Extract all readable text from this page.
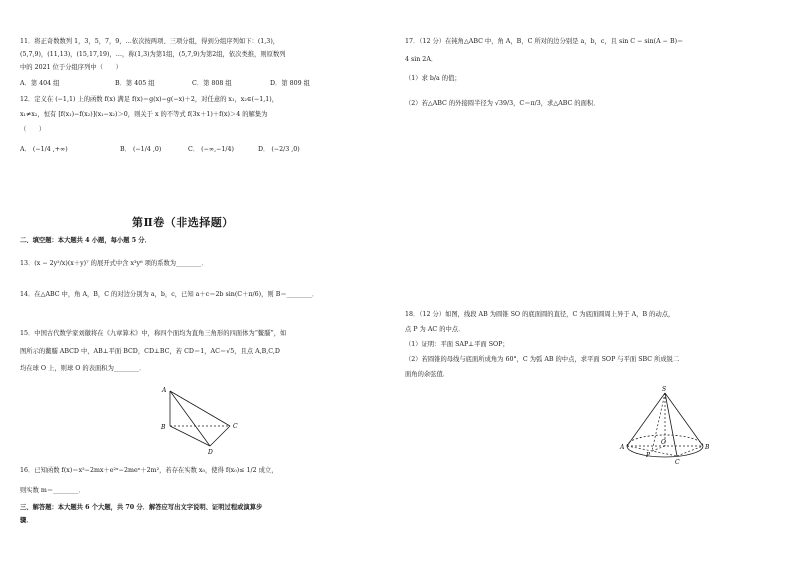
11．将正奇数数列 1，3，5，7，9，…依次按两项、三项分组，得到分组序列如下：(1,3)，
(5,7,9)，(11,13)，(15,17,19)，…，称(1,3)为第1组，(5,7,9)为第2组，依次类推，则原数列
中的 2021 位于分组序列中（　　）
A．第 404 组	B．第 405 组	C．第 808 组	D．第 809 组
12．定义在 (−1,1) 上的函数 f(x) 满足 f(x)＝g(x)−g(−x)＋2，对任意的 x₁，x₂∈(−1,1)，
x₁≠x₂，恒有 [f(x₁)−f(x₂)](x₁−x₂)＞0，则关于 x 的不等式 f(3x＋1)＋f(x)＞4 的解集为
（　　）
A． (−1/4 ,+∞)	B． (−1/4 ,0)	C． (−∞,−1/4)	D． (−2/3 ,0)
第Ⅱ卷（非选择题）
二、填空题：本大题共 4 小题，每小题 5 分．
13．(x − 2y²/x)(x＋y)⁷ 的展开式中含 x³y⁶ 项的系数为________．
14．在△ABC 中，角 A，B，C 的对边分别为 a，b，c，已知 a＋c＝2b sin(C＋π/6)，则 B＝________．
15．中国古代数学家刘徽将在《九章算术》中，称四个面均为直角三角形的四面体为“鳖臑”，如
图所示的鳖臑 ABCD 中，AB⊥平面 BCD，CD⊥BC，若 CD＝1，AC＝√5，且点 A,B,C,D
均在球 O 上，则球 O 的表面积为________．
A
B	C
D
16．已知函数 f(x)＝x²−2mx＋e²ˣ−2meˣ＋2m²，若存在实数 x₀，使得 f(x₀)≤ 1/2 成立，
则实数 m＝________．
三、解答题：本大题共 6 个大题，共 70 分．解答应写出文字说明、证明过程或演算步
骤．
17．（12 分）在钝角△ABC 中，角 A，B，C 所对的边分别是 a，b，c，且 sin C − sin(A − B)＝
4 sin 2A．
（1）求 b/a 的值；
（2）若△ABC 的外接圆半径为 √39/3，C＝π/3，求△ABC 的面积．
18．（12 分）如图，线段 AB 为圆锥 SO 的底面圆的直径，C 为底面圆周上异于 A，B 的动点，
点 P 为 AC 的中点．
（1）证明：平面 SAP⊥平面 SOP；
（2）若圆锥的母线与底面所成角为 60°，C 为弧 AB 的中点，求平面 SOP 与平面 SBC 所成锐二
面角的余弦值．
S
A	B
C
O
P
